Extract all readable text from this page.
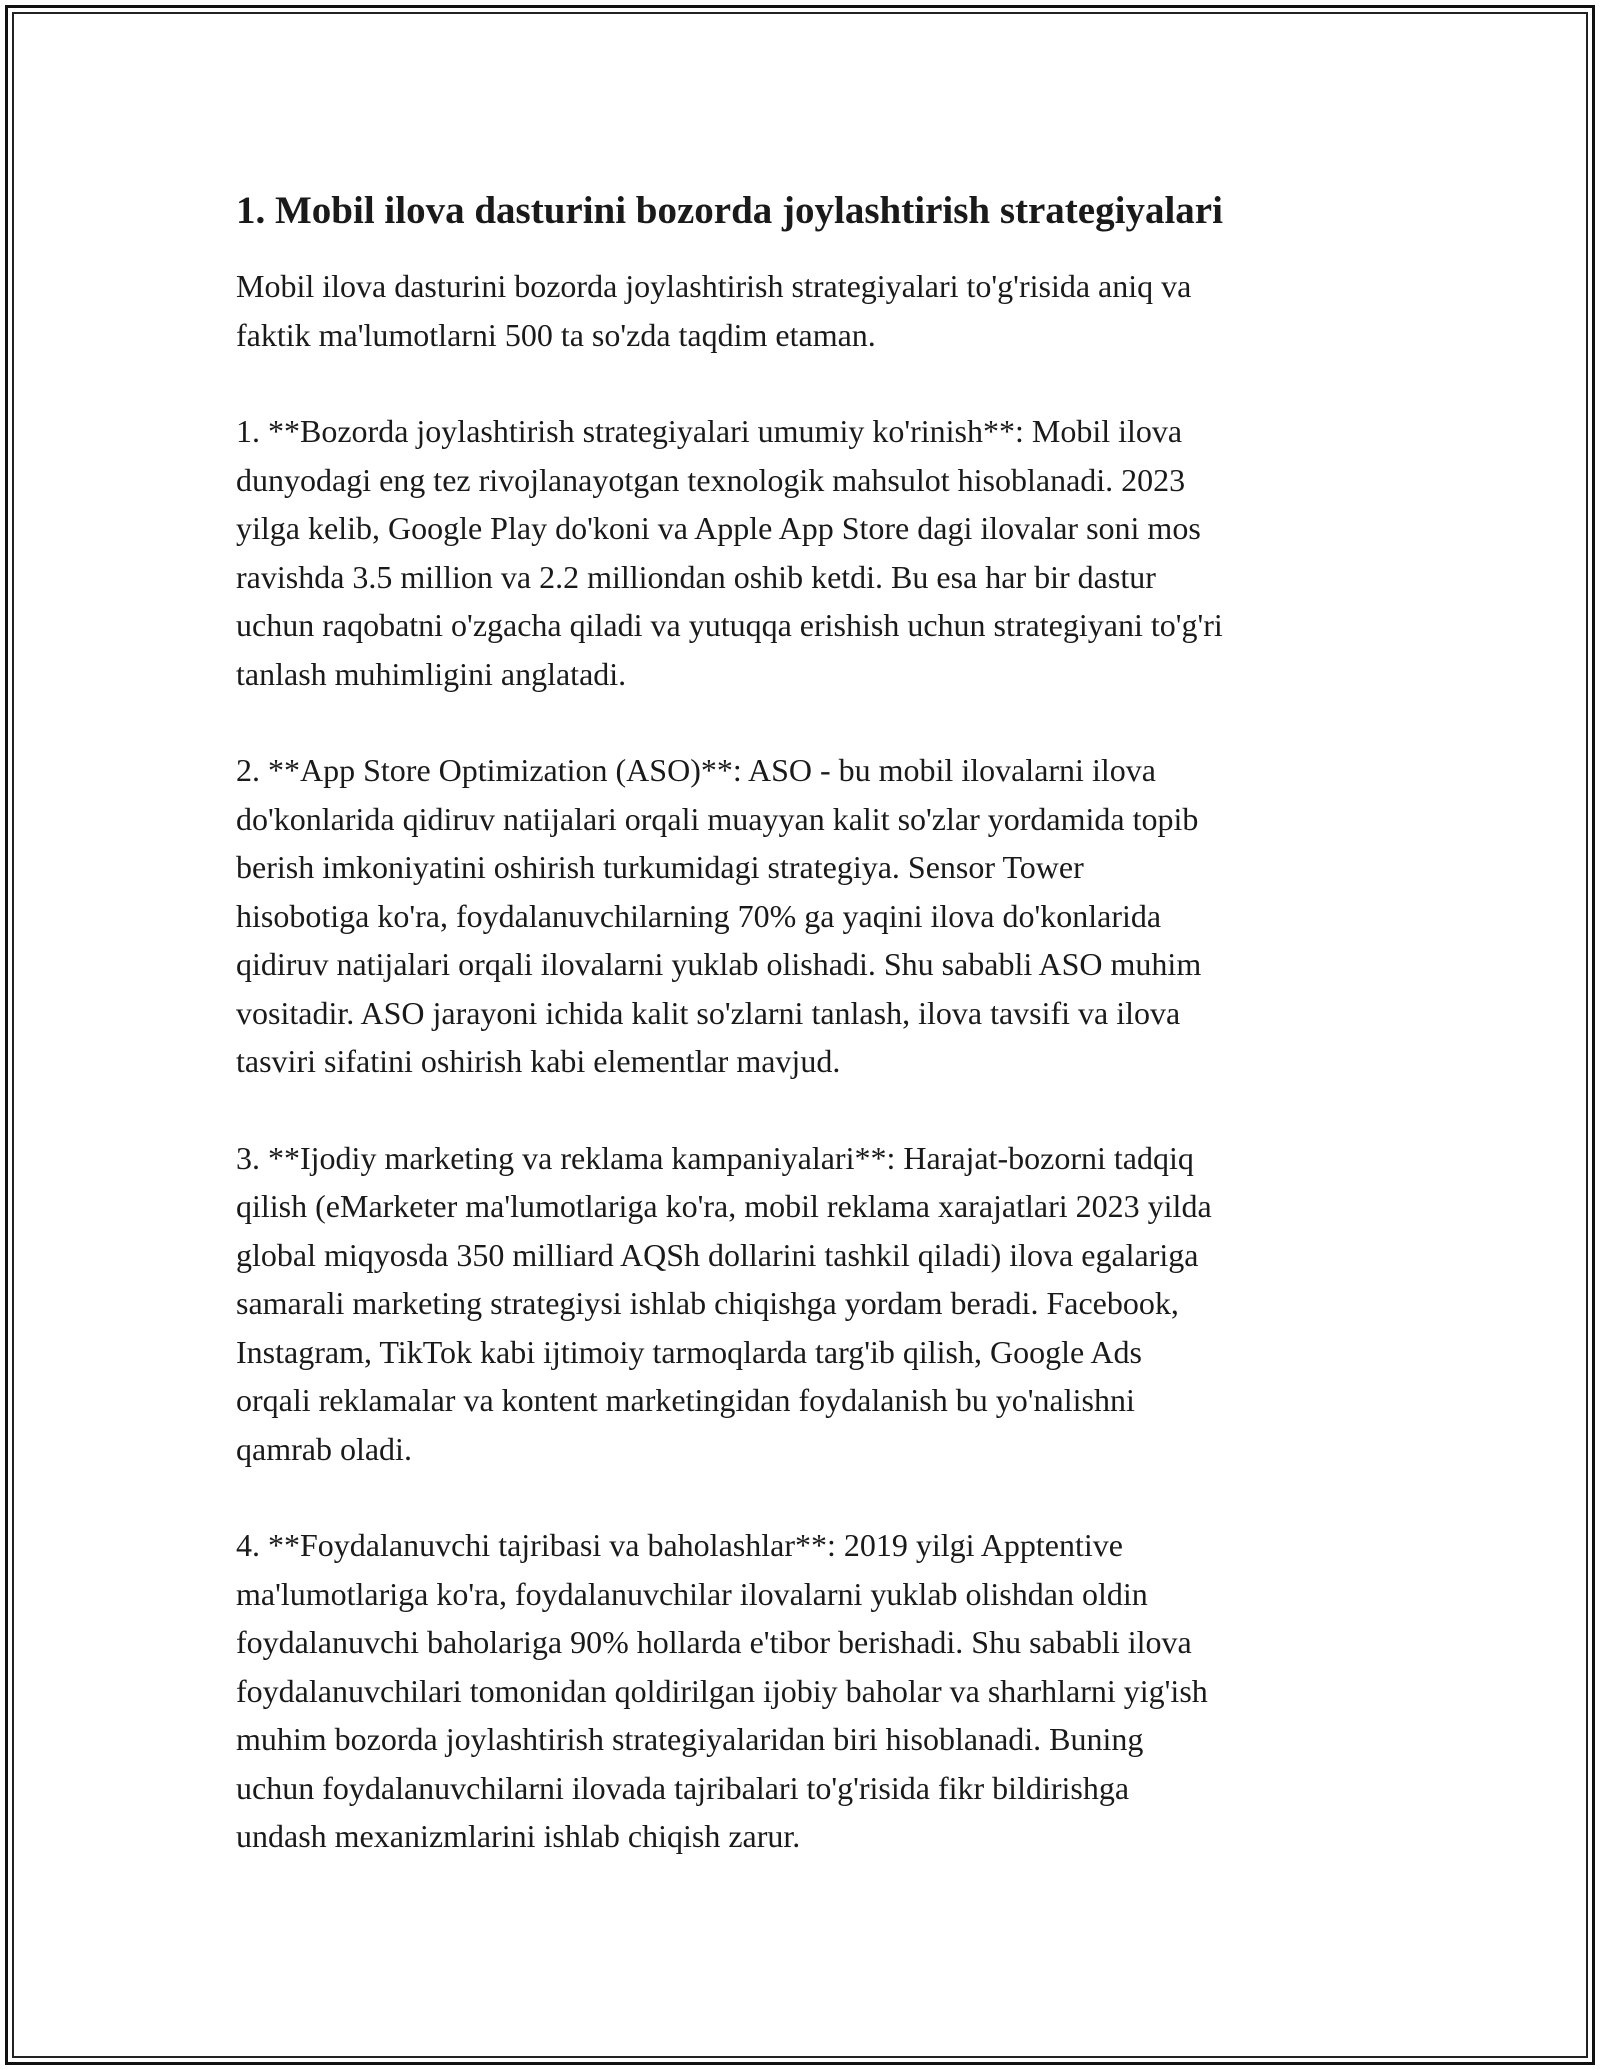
1. Mobil ilova dasturini bozorda joylashtirish strategiyalari

Mobil ilova dasturini bozorda joylashtirish strategiyalari to'g'risida aniq va
faktik ma'lumotlarni 500 ta so'zda taqdim etaman.

1. **Bozorda joylashtirish strategiyalari umumiy ko'rinish**: Mobil ilova
dunyodagi eng tez rivojlanayotgan texnologik mahsulot hisoblanadi. 2023
yilga kelib, Google Play do'koni va Apple App Store dagi ilovalar soni mos
ravishda 3.5 million va 2.2 milliondan oshib ketdi. Bu esa har bir dastur
uchun raqobatni o'zgacha qiladi va yutuqqa erishish uchun strategiyani to'g'ri
tanlash muhimligini anglatadi.

2. **App Store Optimization (ASO)**: ASO - bu mobil ilovalarni ilova
do'konlarida qidiruv natijalari orqali muayyan kalit so'zlar yordamida topib
berish imkoniyatini oshirish turkumidagi strategiya. Sensor Tower
hisobotiga ko'ra, foydalanuvchilarning 70% ga yaqini ilova do'konlarida
qidiruv natijalari orqali ilovalarni yuklab olishadi. Shu sababli ASO muhim
vositadir. ASO jarayoni ichida kalit so'zlarni tanlash, ilova tavsifi va ilova
tasviri sifatini oshirish kabi elementlar mavjud.

3. **Ijodiy marketing va reklama kampaniyalari**: Harajat-bozorni tadqiq
qilish (eMarketer ma'lumotlariga ko'ra, mobil reklama xarajatlari 2023 yilda
global miqyosda 350 milliard AQSh dollarini tashkil qiladi) ilova egalariga
samarali marketing strategiysi ishlab chiqishga yordam beradi. Facebook,
Instagram, TikTok kabi ijtimoiy tarmoqlarda targ'ib qilish, Google Ads
orqali reklamalar va kontent marketingidan foydalanish bu yo'nalishni
qamrab oladi.

4. **Foydalanuvchi tajribasi va baholashlar**: 2019 yilgi Apptentive
ma'lumotlariga ko'ra, foydalanuvchilar ilovalarni yuklab olishdan oldin
foydalanuvchi baholariga 90% hollarda e'tibor berishadi. Shu sababli ilova
foydalanuvchilari tomonidan qoldirilgan ijobiy baholar va sharhlarni yig'ish
muhim bozorda joylashtirish strategiyalaridan biri hisoblanadi. Buning
uchun foydalanuvchilarni ilovada tajribalari to'g'risida fikr bildirishga
undash mexanizmlarini ishlab chiqish zarur.
